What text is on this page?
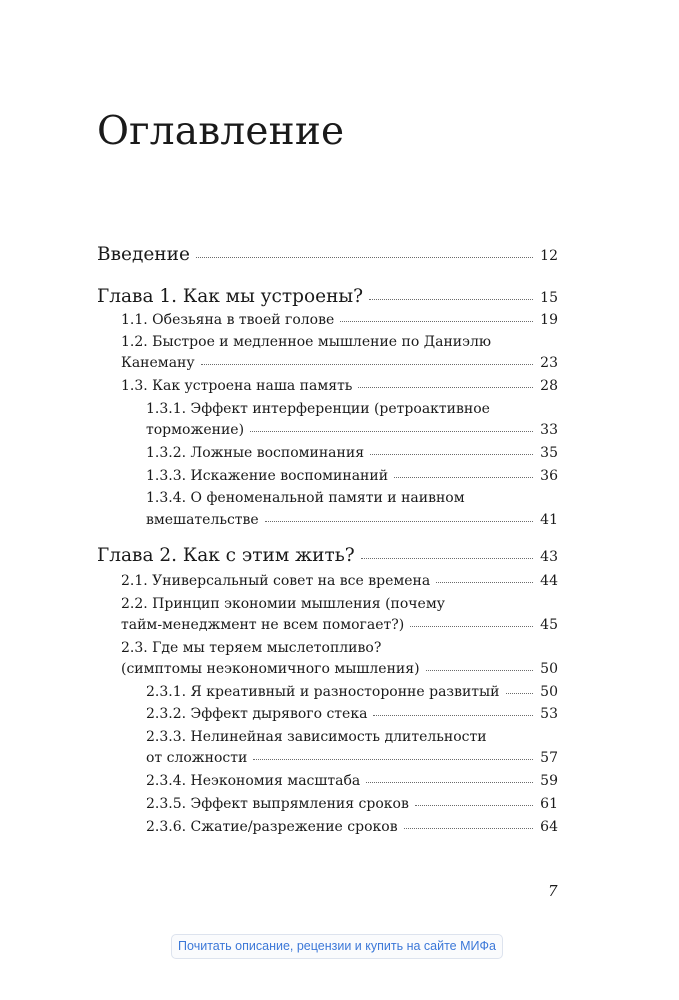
Оглавление
Введение	12
Глава 1. Как мы устроены?	15
1.1. Обезьяна в твоей голове	19
1.2. Быстрое и медленное мышление по Даниэлю
Канеману	23
1.3. Как устроена наша память	28
1.3.1. Эффект интерференции (ретроактивное
торможение)	33
1.3.2. Ложные воспоминания	35
1.3.3. Искажение воспоминаний	36
1.3.4. О феноменальной памяти и наивном
вмешательстве	41
Глава 2. Как с этим жить?	43
2.1. Универсальный совет на все времена	44
2.2. Принцип экономии мышления (почему
тайм-менеджмент не всем помогает?)	45
2.3. Где мы теряем мыслетопливо?
(симптомы неэкономичного мышления)	50
2.3.1. Я креативный и разносторонне развитый	50
2.3.2. Эффект дырявого стека	53
2.3.3. Нелинейная зависимость длительности
от сложности	57
2.3.4. Неэкономия масштаба	59
2.3.5. Эффект выпрямления сроков	61
2.3.6. Сжатие/разрежение сроков	64
7
Почитать описание, рецензии и купить на сайте МИФа
